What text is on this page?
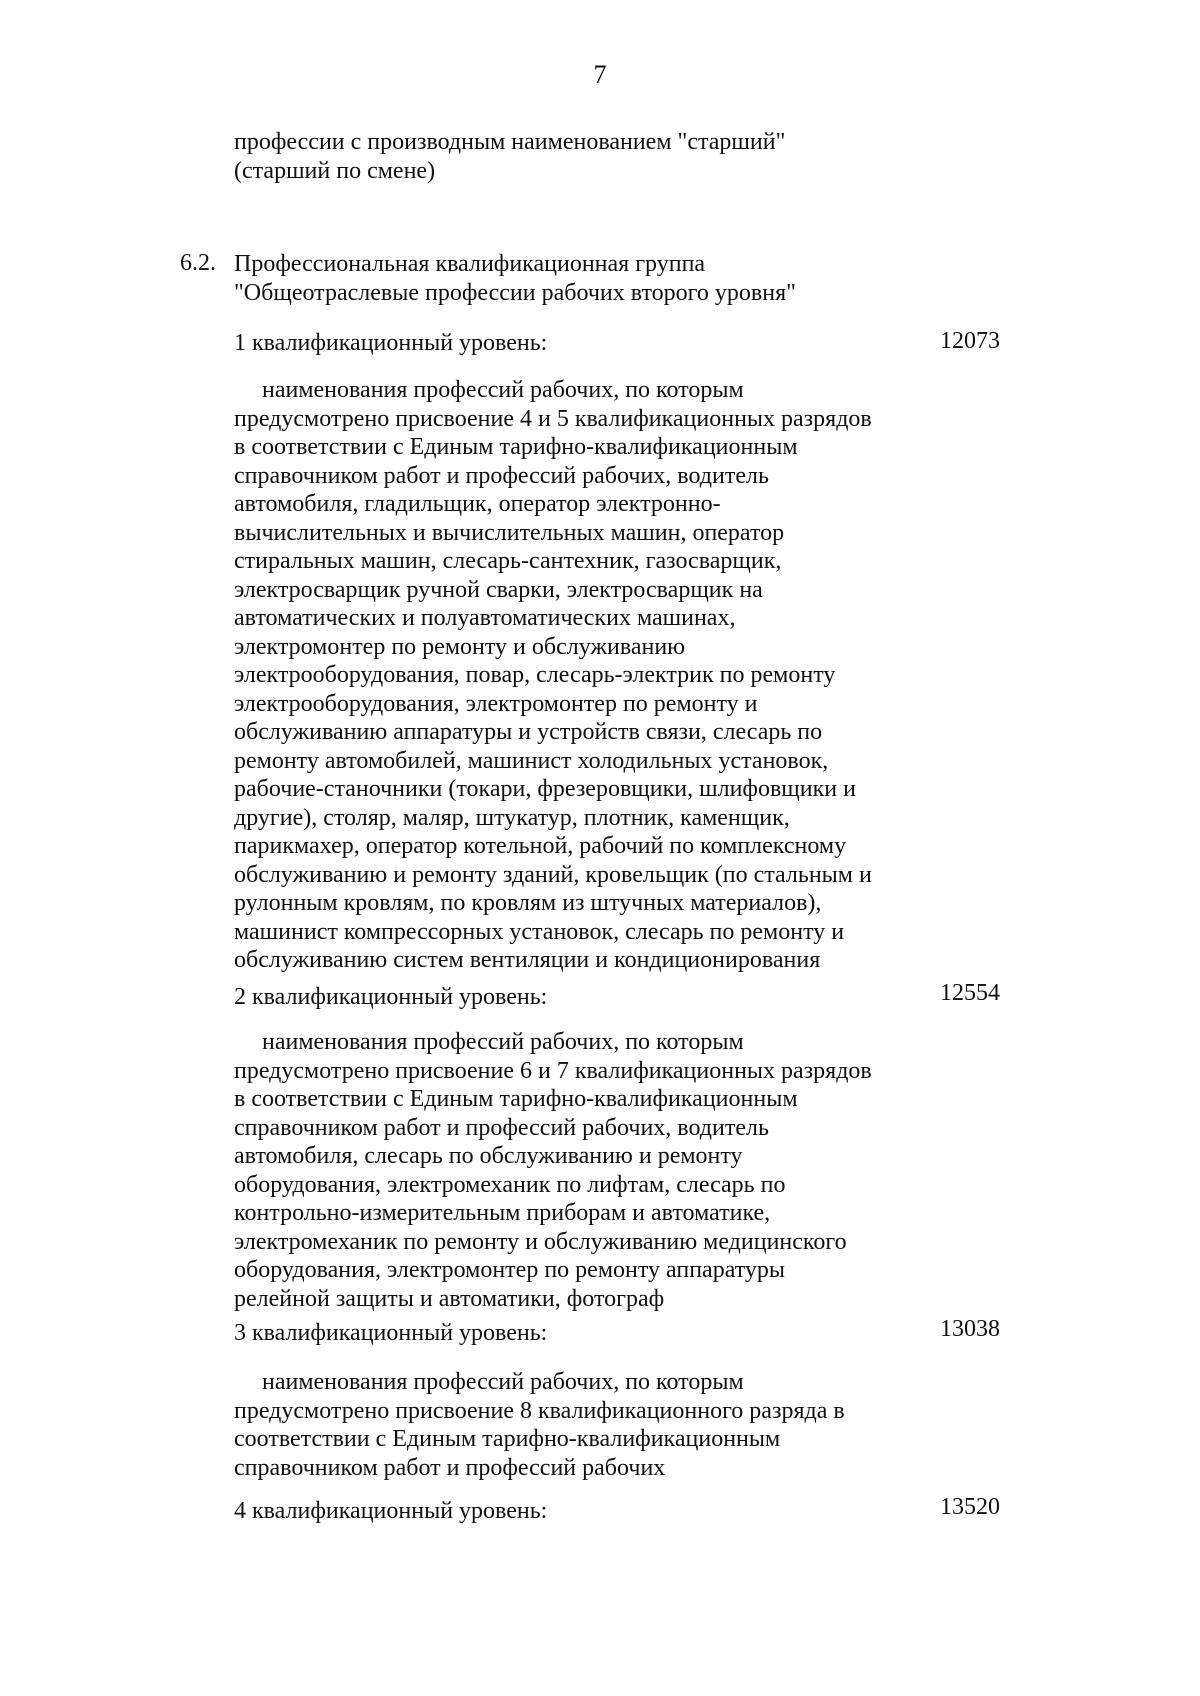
7

профессии с производным наименованием "старший"
(старший по смене)

6.2. Профессиональная квалификационная группа
"Общеотраслевые профессии рабочих второго уровня"

1 квалификационный уровень:	12073

наименования профессий рабочих, по которым
предусмотрено присвоение 4 и 5 квалификационных разрядов
в соответствии с Единым тарифно-квалификационным
справочником работ и профессий рабочих, водитель
автомобиля, гладильщик, оператор электронно-
вычислительных и вычислительных машин, оператор
стиральных машин, слесарь-сантехник, газосварщик,
электросварщик ручной сварки, электросварщик на
автоматических и полуавтоматических машинах,
электромонтер по ремонту и обслуживанию
электрооборудования, повар, слесарь-электрик по ремонту
электрооборудования, электромонтер по ремонту и
обслуживанию аппаратуры и устройств связи, слесарь по
ремонту автомобилей, машинист холодильных установок,
рабочие-станочники (токари, фрезеровщики, шлифовщики и
другие), столяр, маляр, штукатур, плотник, каменщик,
парикмахер, оператор котельной, рабочий по комплексному
обслуживанию и ремонту зданий, кровельщик (по стальным и
рулонным кровлям, по кровлям из штучных материалов),
машинист компрессорных установок, слесарь по ремонту и
обслуживанию систем вентиляции и кондиционирования

2 квалификационный уровень:	12554

наименования профессий рабочих, по которым
предусмотрено присвоение 6 и 7 квалификационных разрядов
в соответствии с Единым тарифно-квалификационным
справочником работ и профессий рабочих, водитель
автомобиля, слесарь по обслуживанию и ремонту
оборудования, электромеханик по лифтам, слесарь по
контрольно-измерительным приборам и автоматике,
электромеханик по ремонту и обслуживанию медицинского
оборудования, электромонтер по ремонту аппаратуры
релейной защиты и автоматики, фотограф

3 квалификационный уровень:	13038

наименования профессий рабочих, по которым
предусмотрено присвоение 8 квалификационного разряда в
соответствии с Единым тарифно-квалификационным
справочником работ и профессий рабочих

4 квалификационный уровень:	13520
